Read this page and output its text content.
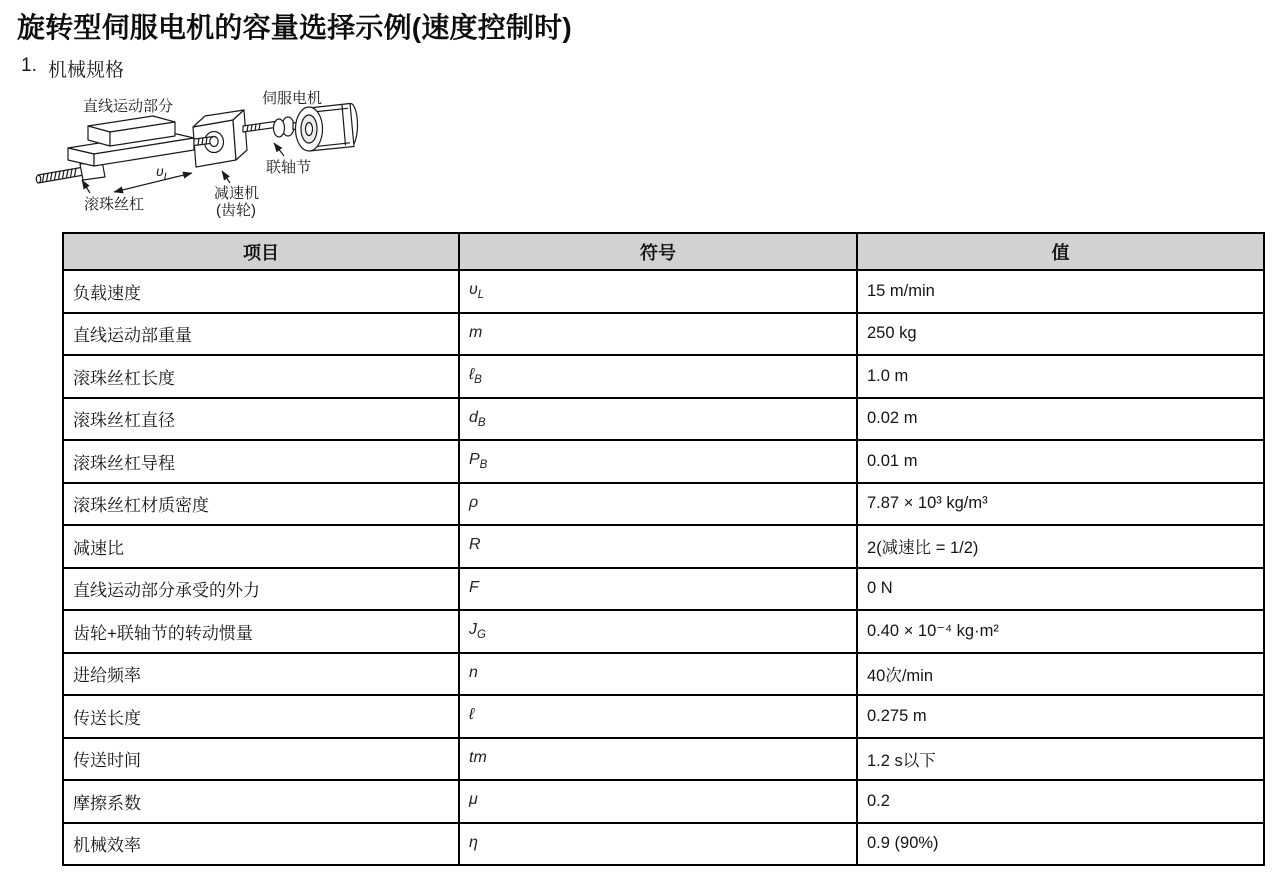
旋转型伺服电机的容量选择示例(速度控制时)
1. 机械规格
直线运动部分	伺服电机
联轴节
滚珠丝杠
减速机
(齿轮)
$\upsilon_L$
项目	符号	值
负载速度	$\upsilon_L$	15 m/min
直线运动部重量	m	250 kg
滚珠丝杠长度	ℓ$_B$	1.0 m
滚珠丝杠直径	$d_B$	0.02 m
滚珠丝杠导程	$P_B$	0.01 m
滚珠丝杠材质密度	ρ	7.87 × 10³ kg/m³
减速比	R	2(减速比 = 1/2)
直线运动部分承受的外力	F	0 N
齿轮+联轴节的转动惯量	$J_G$	0.40 × 10⁻⁴ kg·m²
进给频率	n	40次/min
传送长度	ℓ	0.275 m
传送时间	tm	1.2 s以下
摩擦系数	μ	0.2
机械效率	η	0.9 (90%)
